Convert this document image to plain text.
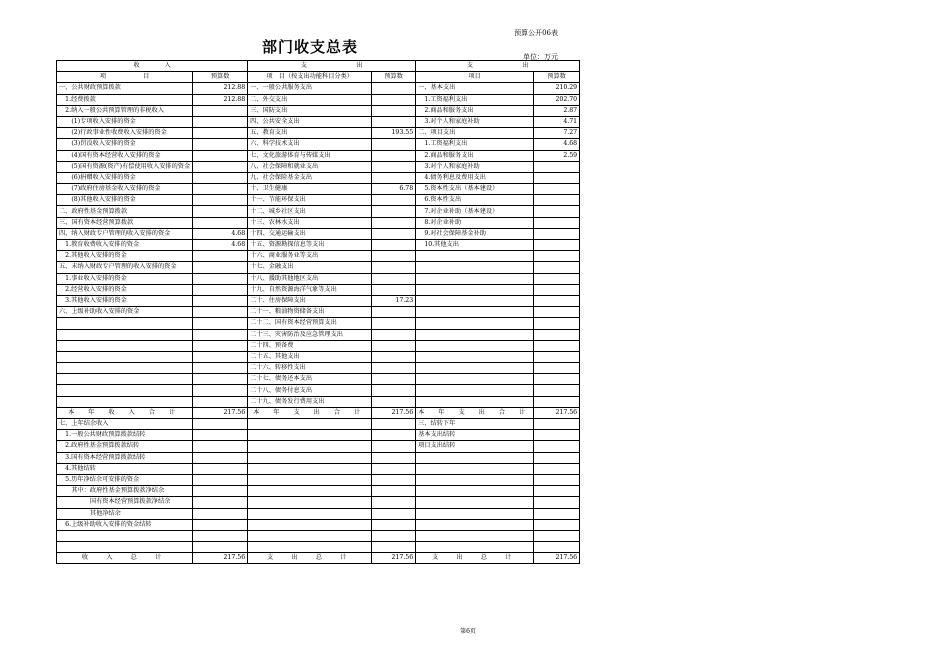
预算公开06表
部门收支总表
单位：万元
收　　　　入		支　　　　　　　　出		支　　　　　　　　出	
项　　　　　　目	预算数	项　目（按支出功能科目分类）	预算数	项目	预算数
一、公共财政预算拨款	212.88	一、一般公共服务支出		一、基本支出	210.29
　1.经费拨款	212.88	二、外交支出		　1.工资福利支出	202.70
　2.纳入一般公共预算管理的非税收入		三、国防支出		　2.商品和服务支出	2.87
　　(1)专项收入安排的资金		四、公共安全支出		　3.对个人和家庭补助	4.71
　　(2)行政事业性收费收入安排的资金		五、教育支出	193.55	二、项目支出	7.27
　　(3)罚没收入安排的资金		六、科学技术支出		　1.工资福利支出	4.68
　　(4)国有资本经营收入安排的资金		七、文化旅游体育与传媒支出		　2.商品和服务支出	2.59
　　(5)国有资源(资产)有偿使用收入安排的资金		八、社会保障和就业支出		　3.对个人和家庭补助	
　　(6)捐赠收入安排的资金		九、社会保险基金支出		　4.债务利息及费用支出	
　　(7)政府住房基金收入安排的资金		十、卫生健康	6.78	　5.资本性支出（基本建设）	
　　(8)其他收入安排的资金		十一、节能环保支出		　6.资本性支出	
二、政府性基金预算拨款		十二、城乡社区支出		　7.对企业补助（基本建设）	
三、国有资本经营预算拨款		十三、农林水支出		　8.对企业补助	
四、纳入财政专户管理的收入安排的资金	4.68	十四、交通运输支出		　9.对社会保障基金补助	
　1.教育收费收入安排的资金	4.68	十五、资源勘探信息等支出		　10.其他支出	
　2.其他收入安排的资金		十六、商业服务业等支出			
五、未纳入财政专户管理的收入安排的资金		十七、金融支出			
　1.事业收入安排的资金		十八、援助其他地区支出			
　2.经营收入安排的资金		十九、自然资源海洋气象等支出			
　3.其他收入安排的资金		二十、住房保障支出	17.23		
六、上级补助收入安排的资金		二十一、粮油物资储备支出			
		二十二、国有资本经营预算支出			
		二十三、灾害防治及应急管理支出			
		二十四、预备费			
		二十五、其他支出			
		二十六、转移性支出			
		二十七、债务还本支出			
		二十八、债务付息支出			
		二十九、债务发行费用支出			
本 年 收 入 合 计	217.56	本 年 支 出 合 计	217.56	本 年 支 出 合 计	217.56
七、上年结余收入				三、结转下年	
　1.一般公共财政预算拨款结转				基本支出结转	
　2.政府性基金预算拨款结转				项目支出结转	
　3.国有资本经营预算拨款结转					
　4.其他结转					
　5.历年净结余可安排的资金					
　　其中：政府性基金预算拨款净结余					
　　　　　国有资本经营预算拨款净结余					
　　　　　其他净结余					
　6.上级补助收入安排的资金结转					

收　入　总　计	217.56	支　出　总　计	217.56	支　出　总　计	217.56
第6页
